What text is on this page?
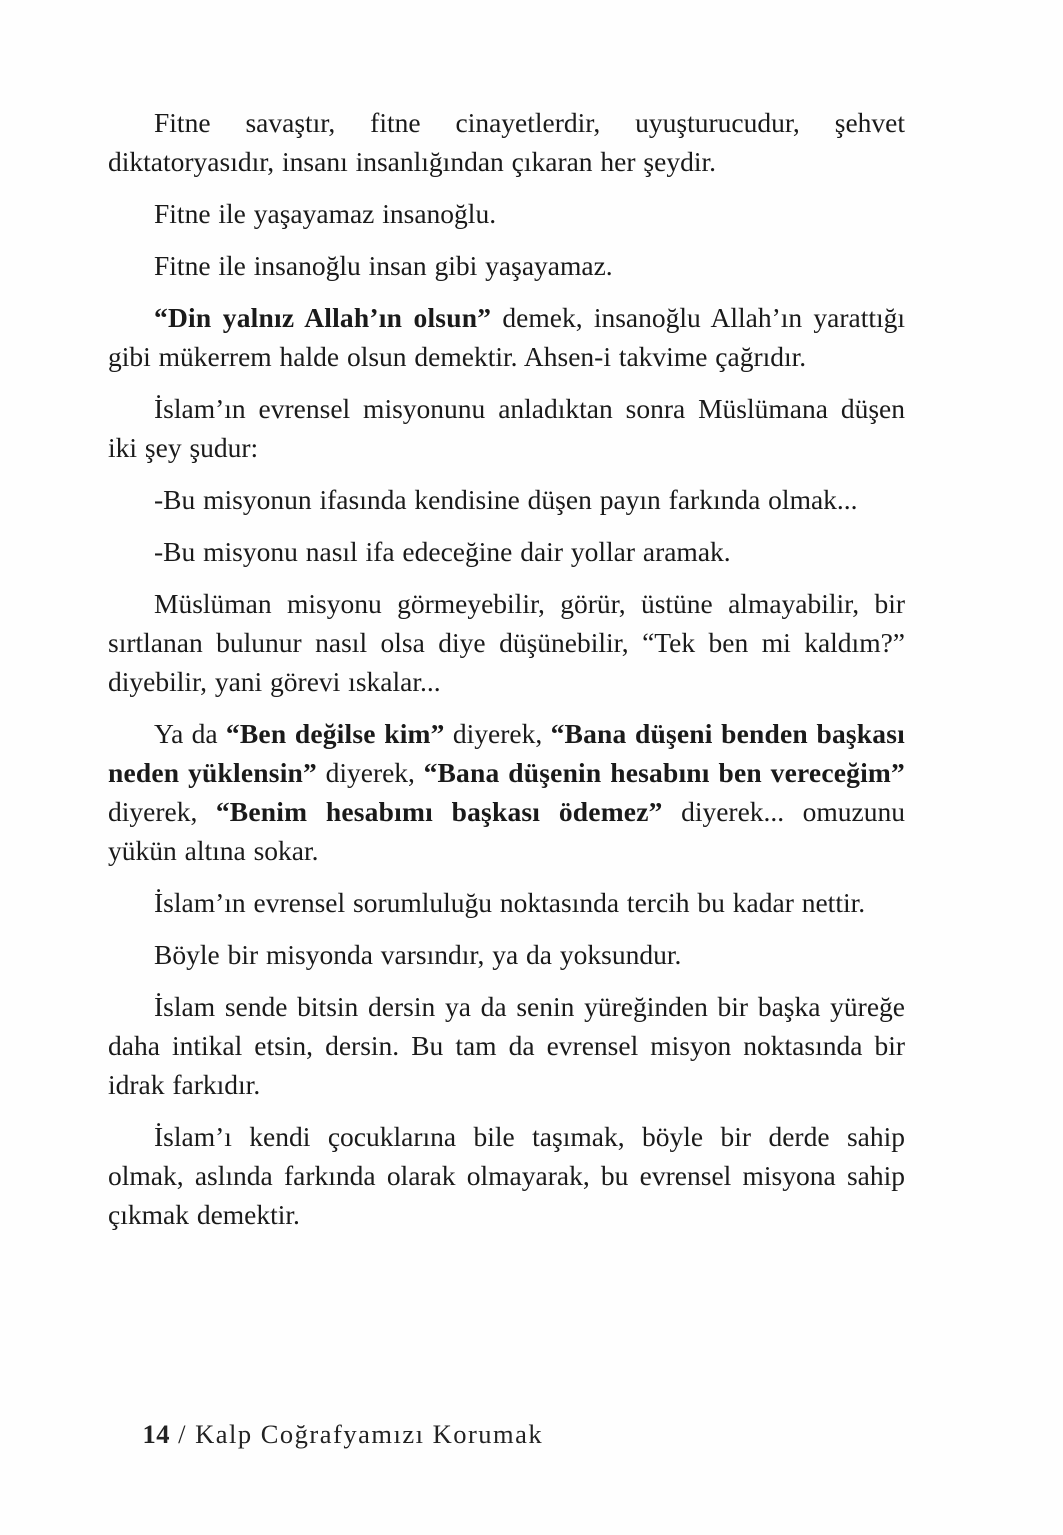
Fitne savaştır, fitne cinayetlerdir, uyuşturucudur, şehvet diktatoryasıdır, insanı insanlığından çıkaran her şeydir.

Fitne ile yaşayamaz insanoğlu.

Fitne ile insanoğlu insan gibi yaşayamaz.

“Din yalnız Allah’ın olsun” demek, insanoğlu Allah’ın yarattığı gibi mükerrem halde olsun demektir. Ahsen-i takvime çağrıdır.

İslam’ın evrensel misyonunu anladıktan sonra Müslümana düşen iki şey şudur:

-Bu misyonun ifasında kendisine düşen payın farkında olmak...

-Bu misyonu nasıl ifa edeceğine dair yollar aramak.

Müslüman misyonu görmeyebilir, görür, üstüne almayabilir, bir sırtlanan bulunur nasıl olsa diye düşünebilir, “Tek ben mi kaldım?” diyebilir, yani görevi ıskalar...

Ya da “Ben değilse kim” diyerek, “Bana düşeni benden başkası neden yüklensin” diyerek, “Bana düşenin hesabını ben vereceğim” diyerek, “Benim hesabımı başkası ödemez” diyerek... omuzunu yükün altına sokar.

İslam’ın evrensel sorumluluğu noktasında tercih bu kadar nettir.

Böyle bir misyonda varsındır, ya da yoksundur.

İslam sende bitsin dersin ya da senin yüreğinden bir başka yüreğe daha intikal etsin, dersin. Bu tam da evrensel misyon noktasında bir idrak farkıdır.

İslam’ı kendi çocuklarına bile taşımak, böyle bir derde sahip olmak, aslında farkında olarak olmayarak, bu evrensel misyona sahip çıkmak demektir.

14 / Kalp Coğrafyamızı Korumak
